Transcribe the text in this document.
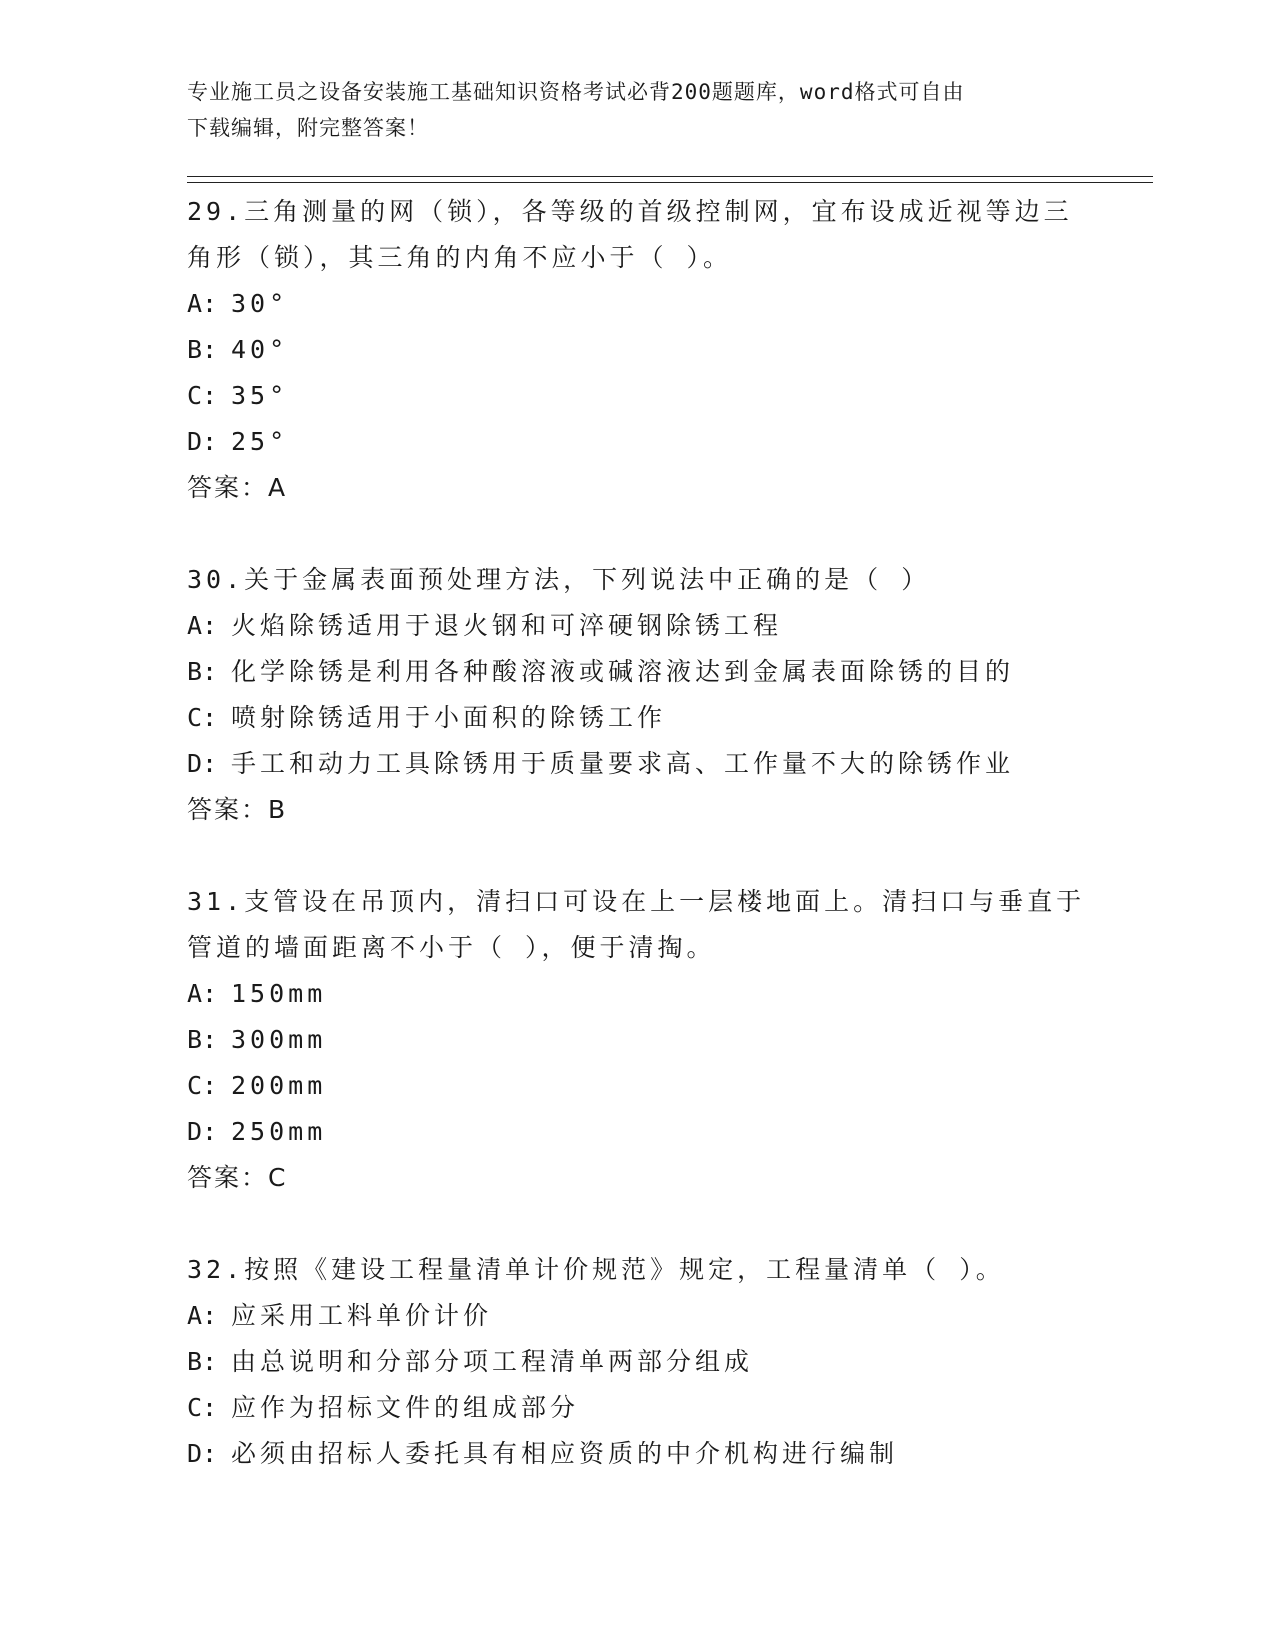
专业施工员之设备安装施工基础知识资格考试必背200题题库，word格式可自由
下载编辑，附完整答案！

29.三角测量的网（锁），各等级的首级控制网，宜布设成近视等边三

角形（锁），其三角的内角不应小于（ ）。

A: 30°

B: 40°

C: 35°

D: 25°

答案：A

30.关于金属表面预处理方法，下列说法中正确的是（ ）

A: 火焰除锈适用于退火钢和可淬硬钢除锈工程

B: 化学除锈是利用各种酸溶液或碱溶液达到金属表面除锈的目的

C: 喷射除锈适用于小面积的除锈工作

D: 手工和动力工具除锈用于质量要求高、工作量不大的除锈作业

答案：B

31.支管设在吊顶内，清扫口可设在上一层楼地面上。清扫口与垂直于

管道的墙面距离不小于（ ），便于清掏。

A: 150mm

B: 300mm

C: 200mm

D: 250mm

答案：C

32.按照《建设工程量清单计价规范》规定，工程量清单（ ）。

A: 应采用工料单价计价

B: 由总说明和分部分项工程清单两部分组成

C: 应作为招标文件的组成部分

D: 必须由招标人委托具有相应资质的中介机构进行编制
